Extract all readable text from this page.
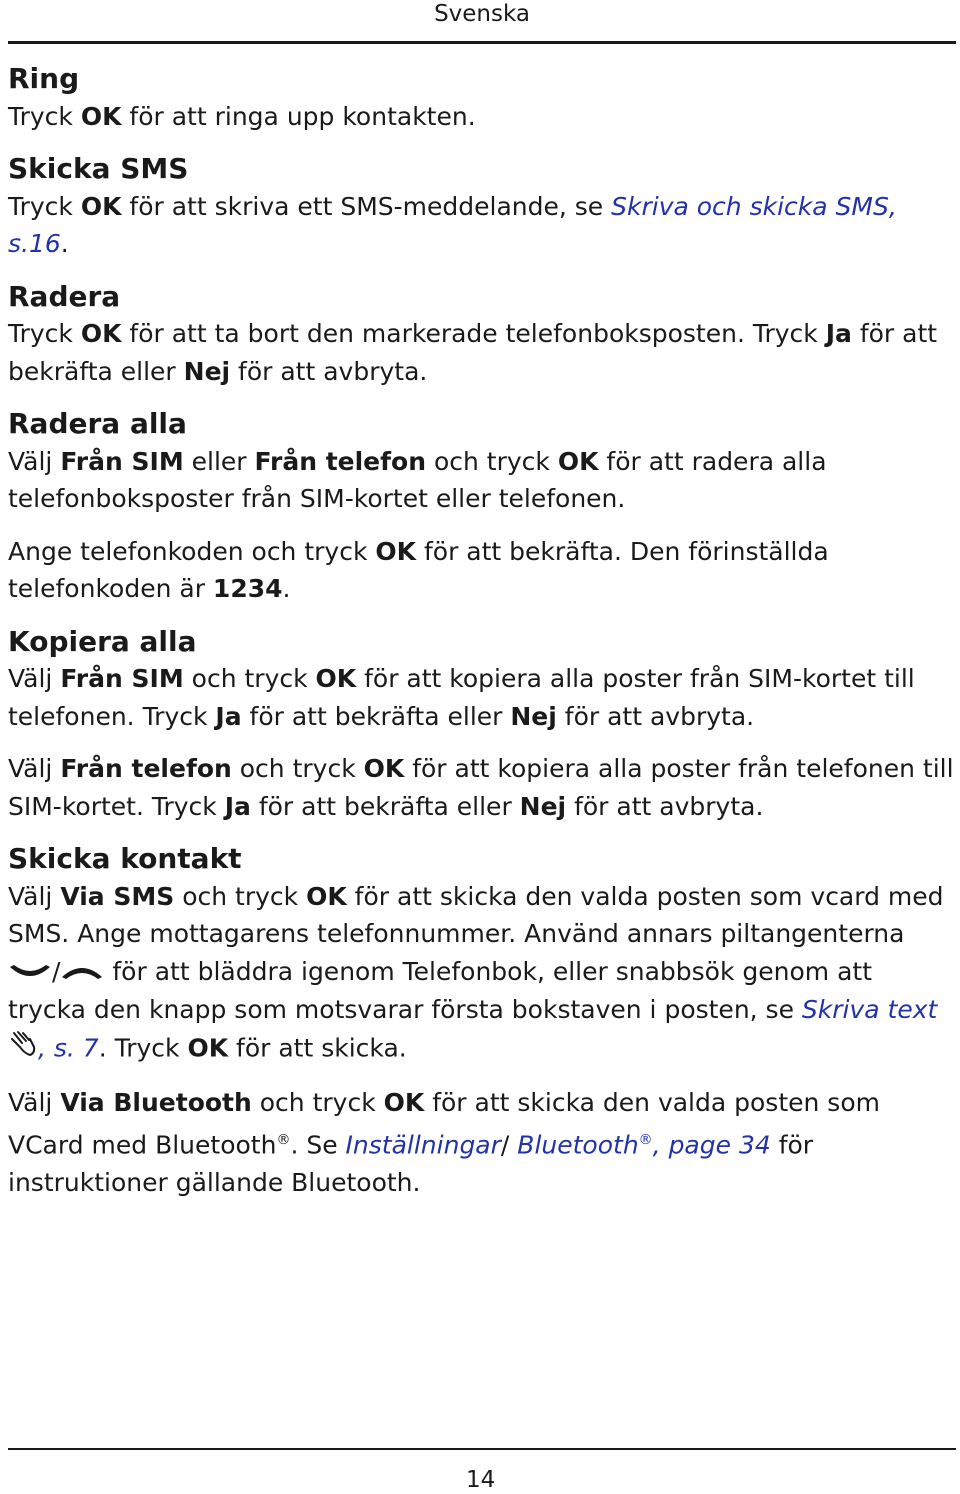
Svenska
Ring

Tryck OK för att ringa upp kontakten.

Skicka SMS

Tryck OK för att skriva ett SMS-meddelande, se Skriva och skicka SMS, s.16.

Radera

Tryck OK för att ta bort den markerade telefonboksposten. Tryck Ja för att bekräfta eller Nej för att avbryta.

Radera alla

Välj Från SIM eller Från telefon och tryck OK för att radera alla telefonboksposter från SIM-kortet eller telefonen.

Ange telefonkoden och tryck OK för att bekräfta. Den förinställda telefonkoden är 1234.

Kopiera alla

Välj Från SIM och tryck OK för att kopiera alla poster från SIM-kortet till telefonen. Tryck Ja för att bekräfta eller Nej för att avbryta.

Välj Från telefon och tryck OK för att kopiera alla poster från telefonen till SIM-kortet. Tryck Ja för att bekräfta eller Nej för att avbryta.

Skicka kontakt

Välj Via SMS och tryck OK för att skicka den valda posten som vcard med SMS. Ange mottagarens telefonnummer. Använd annars piltangenterna / för att bläddra igenom Telefonbok, eller snabbsök genom att trycka den knapp som motsvarar första bokstaven i posten, se Skriva text, s. 7. Tryck OK för att skicka.

Välj Via Bluetooth och tryck OK för att skicka den valda posten som VCard med Bluetooth®. Se Inställningar/ Bluetooth®, page 34 för instruktioner gällande Bluetooth.

14
